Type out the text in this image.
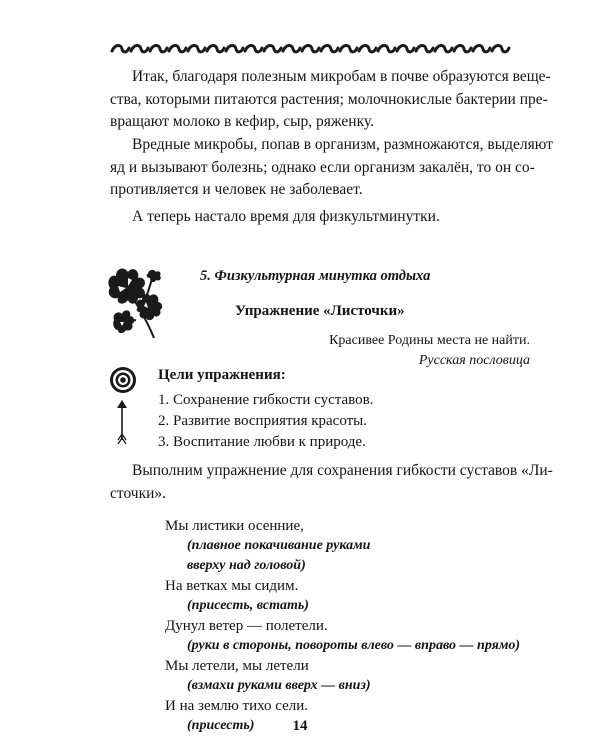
Итак, благодаря полезным микробам в почве образуются веще-
ства, которыми питаются растения; молочнокислые бактерии пре-
вращают молоко в кефир, сыр, ряженку.
Вредные микробы, попав в организм, размножаются, выделяют
яд и вызывают болезнь; однако если организм закалён, то он со-
противляется и человек не заболевает.
А теперь настало время для физкультминутки.
5. Физкультурная минутка отдыха
Упражнение «Листочки»
Красивее Родины места не найти.
Русская пословица
Цели упражнения:
1. Сохранение гибкости суставов.
2. Развитие восприятия красоты.
3. Воспитание любви к природе.
Выполним упражнение для сохранения гибкости суставов «Ли-
сточки».
Мы листики осенние,
(плавное покачивание руками
вверху над головой)
На ветках мы сидим.
(присесть, встать)
Дунул ветер — полетели.
(руки в стороны, повороты влево — вправо — прямо)
Мы летели, мы летели
(взмахи руками вверх — вниз)
И на землю тихо сели.
(присесть)	14
